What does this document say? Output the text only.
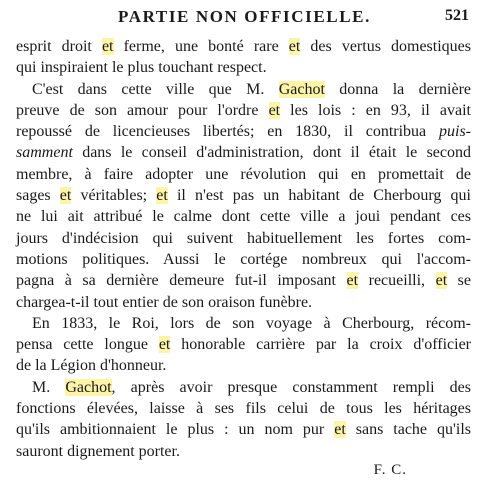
PARTIE NON OFFICIELLE.	521
esprit droit et ferme, une bonté rare et des vertus domestiques
qui inspiraient le plus touchant respect.
C'est dans cette ville que M. Gachot donna la dernière
preuve de son amour pour l'ordre et les lois : en 93, il avait
repoussé de licencieuses libertés; en 1830, il contribua puis-
samment dans le conseil d'administration, dont il était le second
membre, à faire adopter une révolution qui en promettait de
sages et véritables; et il n'est pas un habitant de Cherbourg qui
ne lui ait attribué le calme dont cette ville a joui pendant ces
jours d'indécision qui suivent habituellement les fortes com-
motions politiques. Aussi le cortége nombreux qui l'accom-
pagna à sa dernière demeure fut-il imposant et recueilli, et se
chargea-t-il tout entier de son oraison funèbre.
En 1833, le Roi, lors de son voyage à Cherbourg, récom-
pensa cette longue et honorable carrière par la croix d'officier
de la Légion d'honneur.
M. Gachot, après avoir presque constamment rempli des
fonctions élevées, laisse à ses fils celui de tous les héritages
qu'ils ambitionnaient le plus : un nom pur et sans tache qu'ils
sauront dignement porter.
F. C.
